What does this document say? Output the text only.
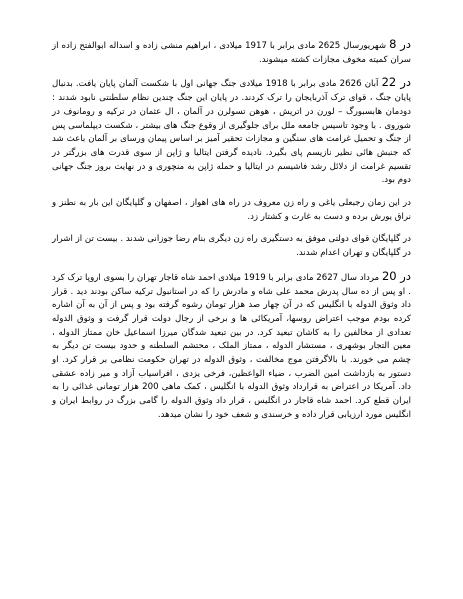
در 8 شهریورسال 2625 مادی برابر با 1917 میلادی ، ابراهیم منشی زاده و اسداله ابوالفتح زاده از سران کمیته مخوف مجازات کشته میشوند.

در 22 آبان 2626 مادی برابر با 1918 میلادی جنگ جهانی اول با شکست آلمان پایان یافت. بدنبال پایان جنگ ، قوای ترک آذربایجان را ترک کردند. در پایان این جنگ چندین نظام سلطنتی نابود شدند : دودمان هابسبورگ – لورن در اتریش ، هوهن تسولرن در آلمان ، ال عثمان در ترکیه و رومانوف در شوروی . با وجود تاسیس جامعه ملل برای جلوگیری از وقوع جنگ های بیشتر ، شکست دیپلماسی پس از جنگ و تحمیل غرامت های سنگین و مجازات تحقیر آمیز بر اساس پیمان ورسای بر آلمان باعث شد که جنبش هائی نظیر نازیسم پای بگیرد. نادیده گرفتن ایتالیا و ژاپن از سوی قدرت های بزرگتر در تقسیم غرامت از دلائل رشد فاشیسم در ایتالیا و حمله ژاپن به منچوری و در نهایت بروز جنگ جهانی دوم بود.

در این زمان رجبعلی یاغی و راه زن معروف در راه های اهواز ، اصفهان و گلپایگان این بار به نطنز و نراق یورش برده و دست به غارت و کشتار زد.

در گلپایگان قوای دولتی موفق به دستگیری راه زن دیگری بنام رضا جوزانی شدند . بیست تن از اشرار در گلپایگان و تهران اعدام شدند.

در 20 مرداد سال 2627 مادی برابر با 1919 میلادی احمد شاه قاجار تهران را بسوی اروپا ترک کرد . او پس از ده سال پدرش محمد علی شاه و مادرش را که در استانبول ترکیه ساکن بودند دید . قرار داد وثوق الدوله با انگلیس که در آن چهار صد هزار تومان رشوه گرفته بود و پس از آن به آن اشاره کرده بودم موجب اعتراض روسها، آمریکائی ها و برخی از رجال دولت قرار گرفت و وثوق الدوله تعدادی از مخالفین را به کاشان تبعید کرد. در بین تبعید شدگان میرزا اسماعیل خان ممتاز الدوله ، معین التجار بوشهری ، مستشار الدوله ، ممتاز الملک ، محتشم السلطنه و حدود بیست تن دیگر به چشم می خورند. با بالاگرفتن موج مخالفت ، وثوق الدوله در تهران حکومت نظامی بر قرار کرد. او دستور به بازداشت امین الضرب ، ضیاء الواعظین، فرخی یزدی ، افراسیاب آزاد و میر زاده عشقی داد. آمریکا در اعتراض به قرارداد وثوق الدوله با انگلیس ، کمک ماهی 200 هزار تومانی غذائی را به ایران قطع کرد. احمد شاه قاجار در انگلیس ، قرار داد وثوق الدوله را گامی بزرگ در روابط ایران و انگلیس مورد ارزیابی قرار داده و خرسندی و شعف خود را نشان میدهد.
